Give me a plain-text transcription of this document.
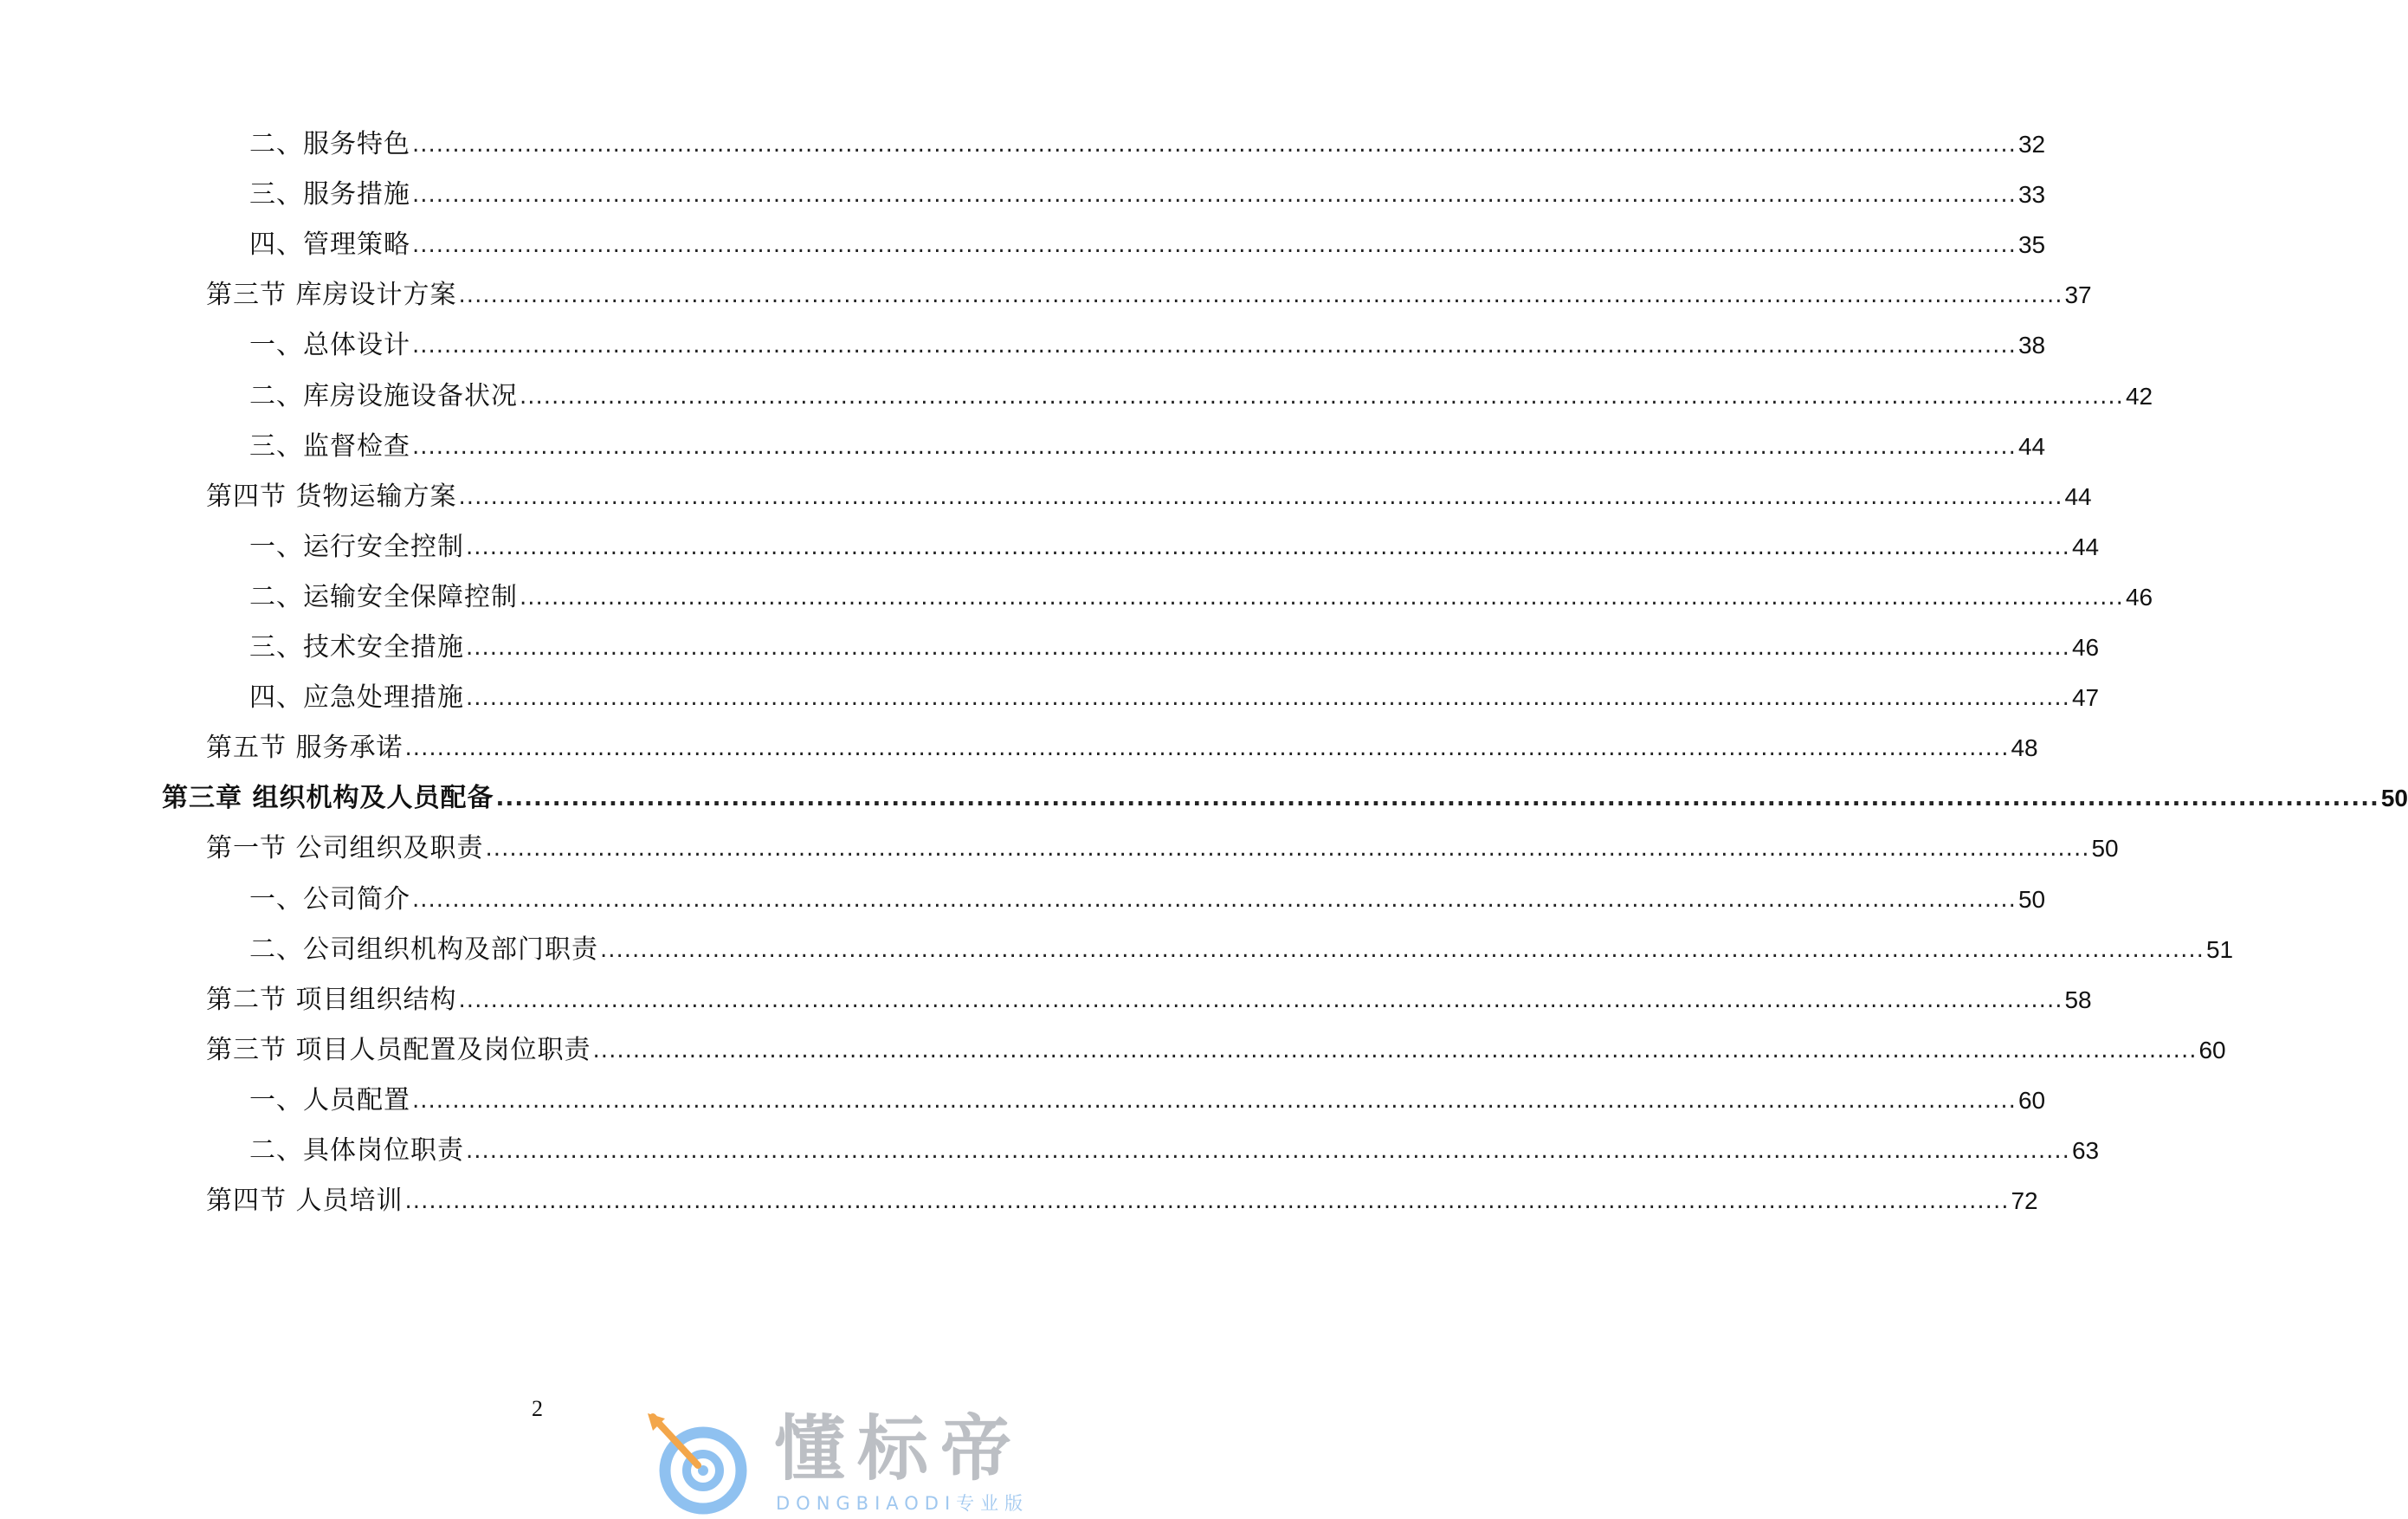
二、服务特色 ........................................................................................................................................................................................................ 32
三、服务措施 ........................................................................................................................................................................................................ 33
四、管理策略 ........................................................................................................................................................................................................ 35
第三节 库房设计方案 ........................................................................................................................................................................................................ 37
一、总体设计 ........................................................................................................................................................................................................ 38
二、库房设施设备状况 ........................................................................................................................................................................................................ 42
三、监督检查 ........................................................................................................................................................................................................ 44
第四节 货物运输方案 ........................................................................................................................................................................................................ 44
一、运行安全控制 ........................................................................................................................................................................................................ 44
二、运输安全保障控制 ........................................................................................................................................................................................................ 46
三、技术安全措施 ........................................................................................................................................................................................................ 46
四、应急处理措施 ........................................................................................................................................................................................................ 47
第五节 服务承诺 ........................................................................................................................................................................................................ 48
第三章 组织机构及人员配备 ........................................................................................................................................................................................................ 50
第一节 公司组织及职责 ........................................................................................................................................................................................................ 50
一、公司简介 ........................................................................................................................................................................................................ 50
二、公司组织机构及部门职责 ........................................................................................................................................................................................................ 51
第二节 项目组织结构 ........................................................................................................................................................................................................ 58
第三节 项目人员配置及岗位职责 ........................................................................................................................................................................................................ 60
一、人员配置 ........................................................................................................................................................................................................ 60
二、具体岗位职责 ........................................................................................................................................................................................................ 63
第四节 人员培训 ........................................................................................................................................................................................................ 72
2	懂标帝
DONGBIAODI专业版
